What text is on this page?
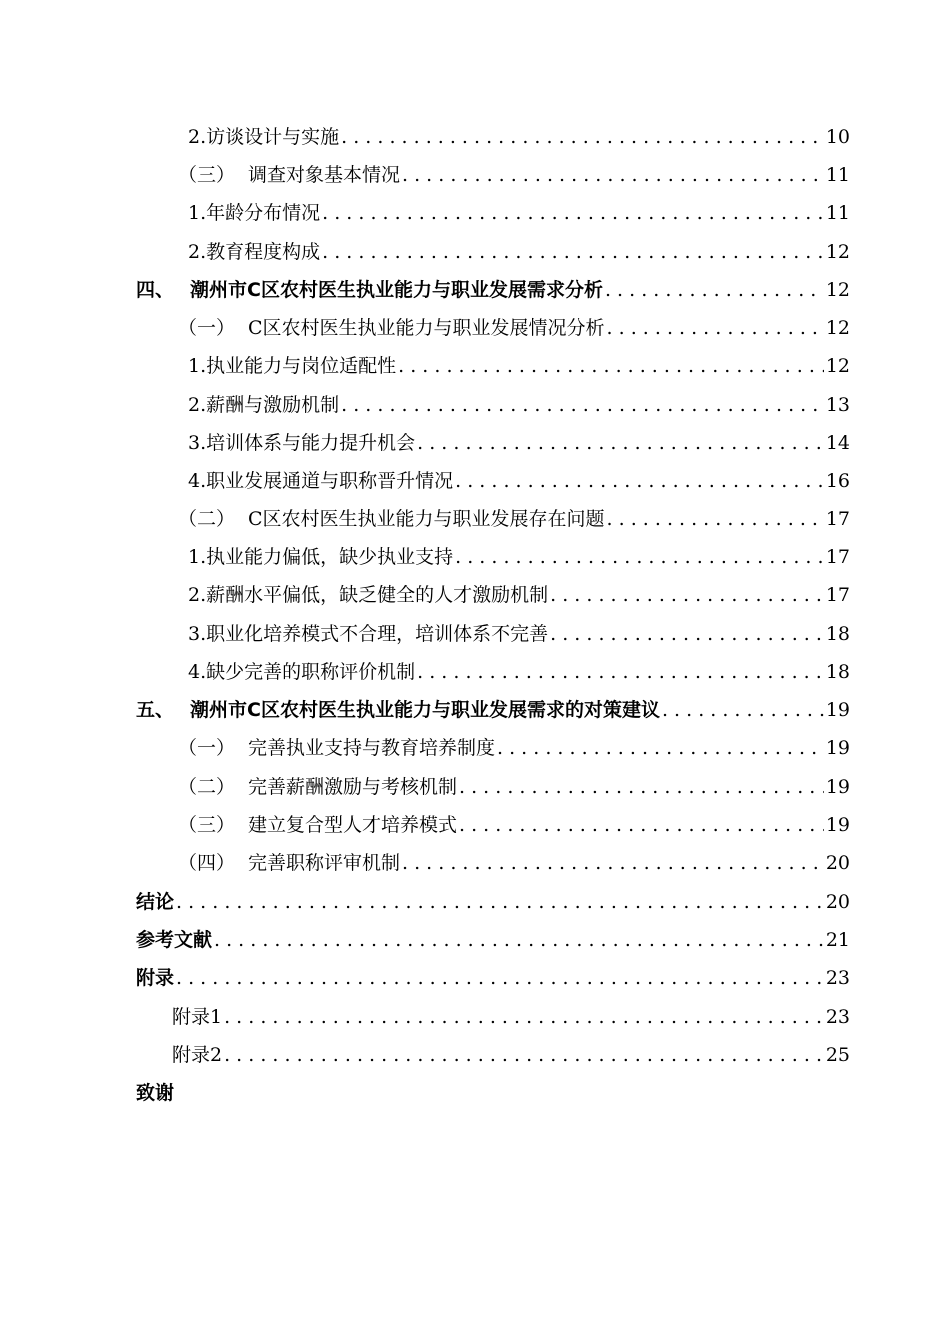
2.访谈设计与实施 . . .	10
（三） 调查对象基本情况 . . .	11
1.年龄分布情况 . . .	11
2.教育程度构成 . . .	12
四、 潮州市C区农村医生执业能力与职业发展需求分析 . . .	12
（一） C区农村医生执业能力与职业发展情况分析 . . .	12
1.执业能力与岗位适配性 . . .	12
2.薪酬与激励机制 . . .	13
3.培训体系与能力提升机会 . . .	14
4.职业发展通道与职称晋升情况 . . .	16
（二） C区农村医生执业能力与职业发展存在问题 . . .	17
1.执业能力偏低，缺少执业支持 . . .	17
2.薪酬水平偏低，缺乏健全的人才激励机制 . . .	17
3.职业化培养模式不合理，培训体系不完善 . . .	18
4.缺少完善的职称评价机制 . . .	18
五、 潮州市C区农村医生执业能力与职业发展需求的对策建议 . . .	19
（一） 完善执业支持与教育培养制度 . . .	19
（二） 完善薪酬激励与考核机制 . . .	19
（三） 建立复合型人才培养模式 . . .	19
（四） 完善职称评审机制 . . .	20
结论 . . .	20
参考文献 . . .	21
附录 . . .	23
附录1 . . .	23
附录2 . . .	25
致谢
